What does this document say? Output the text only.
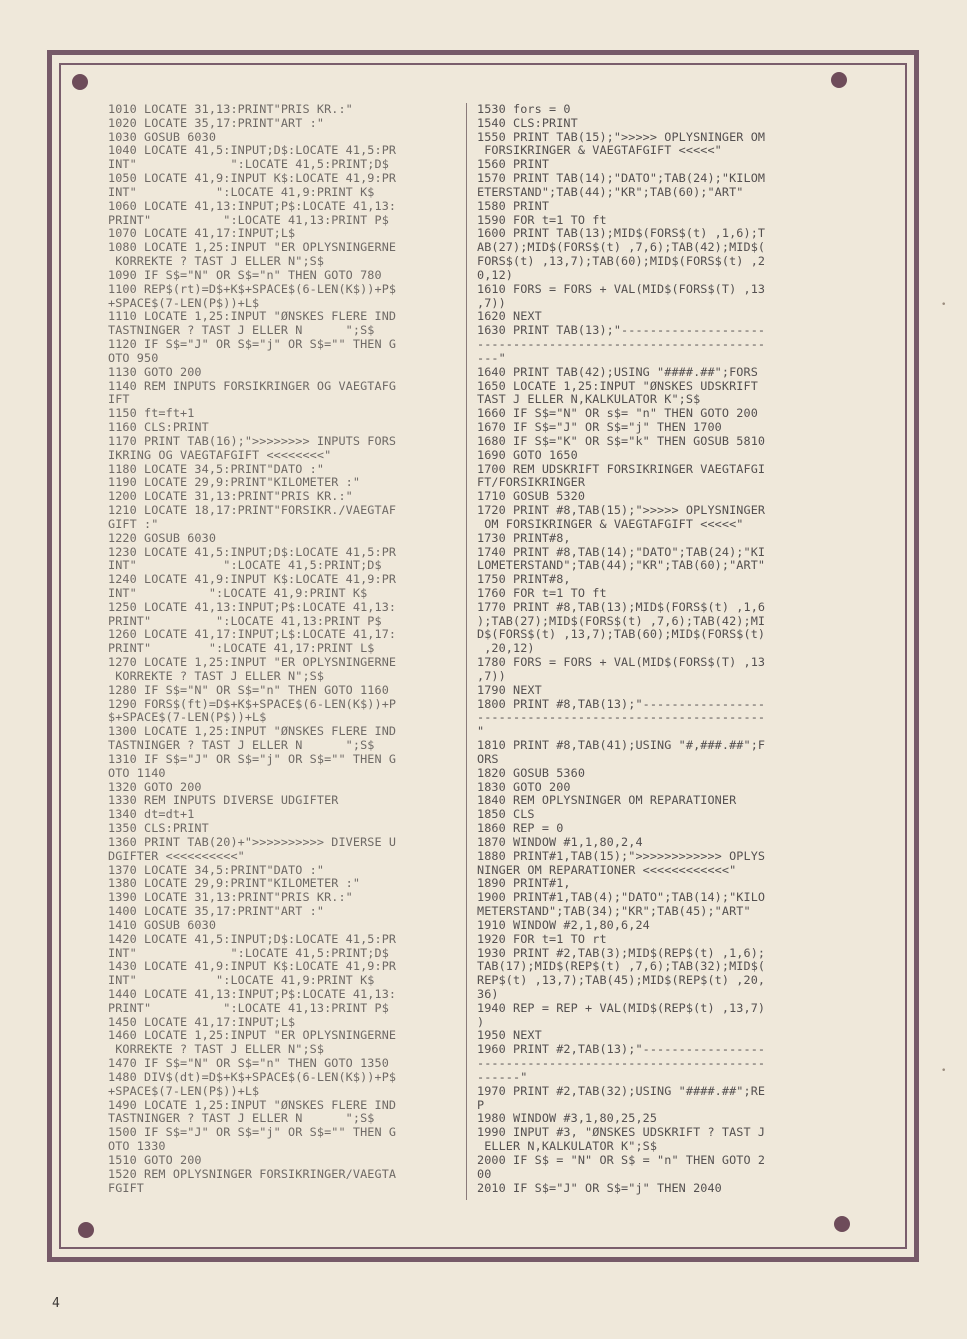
1010 LOCATE 31,13:PRINT"PRIS KR.:"
1020 LOCATE 35,17:PRINT"ART :"
1030 GOSUB 6030
1040 LOCATE 41,5:INPUT;D$:LOCATE 41,5:PR
INT"             ":LOCATE 41,5:PRINT;D$
1050 LOCATE 41,9:INPUT K$:LOCATE 41,9:PR
INT"           ":LOCATE 41,9:PRINT K$
1060 LOCATE 41,13:INPUT;P$:LOCATE 41,13:
PRINT"          ":LOCATE 41,13:PRINT P$
1070 LOCATE 41,17:INPUT;L$
1080 LOCATE 1,25:INPUT "ER OPLYSNINGERNE
KORREKTE ? TAST J ELLER N";S$
1090 IF S$="N" OR S$="n" THEN GOTO 780
1100 REP$(rt)=D$+K$+SPACE$(6-LEN(K$))+P$
+SPACE$(7-LEN(P$))+L$
1110 LOCATE 1,25:INPUT "ØNSKES FLERE IND
TASTNINGER ? TAST J ELLER N      ";S$
1120 IF S$="J" OR S$="j" OR S$="" THEN G
OTO 950
1130 GOTO 200
1140 REM INPUTS FORSIKRINGER OG VAEGTAFG
IFT
1150 ft=ft+1
1160 CLS:PRINT
1170 PRINT TAB(16);">>>>>>>> INPUTS FORS
IKRING OG VAEGTAFGIFT <<<<<<<<"
1180 LOCATE 34,5:PRINT"DATO :"
1190 LOCATE 29,9:PRINT"KILOMETER :"
1200 LOCATE 31,13:PRINT"PRIS KR.:"
1210 LOCATE 18,17:PRINT"FORSIKR./VAEGTAF
GIFT :"
1220 GOSUB 6030
1230 LOCATE 41,5:INPUT;D$:LOCATE 41,5:PR
INT"            ":LOCATE 41,5:PRINT;D$
1240 LOCATE 41,9:INPUT K$:LOCATE 41,9:PR
INT"          ":LOCATE 41,9:PRINT K$
1250 LOCATE 41,13:INPUT;P$:LOCATE 41,13:
PRINT"         ":LOCATE 41,13:PRINT P$
1260 LOCATE 41,17:INPUT;L$:LOCATE 41,17:
PRINT"        ":LOCATE 41,17:PRINT L$
1270 LOCATE 1,25:INPUT "ER OPLYSNINGERNE
KORREKTE ? TAST J ELLER N";S$
1280 IF S$="N" OR S$="n" THEN GOTO 1160
1290 FORS$(ft)=D$+K$+SPACE$(6-LEN(K$))+P
$+SPACE$(7-LEN(P$))+L$
1300 LOCATE 1,25:INPUT "ØNSKES FLERE IND
TASTNINGER ? TAST J ELLER N      ";S$
1310 IF S$="J" OR S$="j" OR S$="" THEN G
OTO 1140
1320 GOTO 200
1330 REM INPUTS DIVERSE UDGIFTER
1340 dt=dt+1
1350 CLS:PRINT
1360 PRINT TAB(20)+">>>>>>>>>> DIVERSE U
DGIFTER <<<<<<<<<<"
1370 LOCATE 34,5:PRINT"DATO :"
1380 LOCATE 29,9:PRINT"KILOMETER :"
1390 LOCATE 31,13:PRINT"PRIS KR.:"
1400 LOCATE 35,17:PRINT"ART :"
1410 GOSUB 6030
1420 LOCATE 41,5:INPUT;D$:LOCATE 41,5:PR
INT"             ":LOCATE 41,5:PRINT;D$
1430 LOCATE 41,9:INPUT K$:LOCATE 41,9:PR
INT"           ":LOCATE 41,9:PRINT K$
1440 LOCATE 41,13:INPUT;P$:LOCATE 41,13:
PRINT"          ":LOCATE 41,13:PRINT P$
1450 LOCATE 41,17:INPUT;L$
1460 LOCATE 1,25:INPUT "ER OPLYSNINGERNE
KORREKTE ? TAST J ELLER N";S$
1470 IF S$="N" OR S$="n" THEN GOTO 1350
1480 DIV$(dt)=D$+K$+SPACE$(6-LEN(K$))+P$
+SPACE$(7-LEN(P$))+L$
1490 LOCATE 1,25:INPUT "ØNSKES FLERE IND
TASTNINGER ? TAST J ELLER N      ";S$
1500 IF S$="J" OR S$="j" OR S$="" THEN G
OTO 1330
1510 GOTO 200
1520 REM OPLYSNINGER FORSIKRINGER/VAEGTA
FGIFT
1530 fors = 0
1540 CLS:PRINT
1550 PRINT TAB(15);">>>>> OPLYSNINGER OM
FORSIKRINGER & VAEGTAFGIFT <<<<<"
1560 PRINT
1570 PRINT TAB(14);"DATO";TAB(24);"KILOM
ETERSTAND";TAB(44);"KR";TAB(60);"ART"
1580 PRINT
1590 FOR t=1 TO ft
1600 PRINT TAB(13);MID$(FORS$(t) ,1,6);T
AB(27);MID$(FORS$(t) ,7,6);TAB(42);MID$(
FORS$(t) ,13,7);TAB(60);MID$(FORS$(t) ,2
0,12)
1610 FORS = FORS + VAL(MID$(FORS$(T) ,13
,7))
1620 NEXT
1630 PRINT TAB(13);"--------------------
----------------------------------------
---"
1640 PRINT TAB(42);USING "####.##";FORS
1650 LOCATE 1,25:INPUT "ØNSKES UDSKRIFT
TAST J ELLER N,KALKULATOR K";S$
1660 IF S$="N" OR s$= "n" THEN GOTO 200
1670 IF S$="J" OR S$="j" THEN 1700
1680 IF S$="K" OR S$="k" THEN GOSUB 5810
1690 GOTO 1650
1700 REM UDSKRIFT FORSIKRINGER VAEGTAFGI
FT/FORSIKRINGER
1710 GOSUB 5320
1720 PRINT #8,TAB(15);">>>>> OPLYSNINGER
OM FORSIKRINGER & VAEGTAFGIFT <<<<<"
1730 PRINT#8,
1740 PRINT #8,TAB(14);"DATO";TAB(24);"KI
LOMETERSTAND";TAB(44);"KR";TAB(60);"ART"
1750 PRINT#8,
1760 FOR t=1 TO ft
1770 PRINT #8,TAB(13);MID$(FORS$(t) ,1,6
);TAB(27);MID$(FORS$(t) ,7,6);TAB(42);MI
D$(FORS$(t) ,13,7);TAB(60);MID$(FORS$(t)
,20,12)
1780 FORS = FORS + VAL(MID$(FORS$(T) ,13
,7))
1790 NEXT
1800 PRINT #8,TAB(13);"-----------------
----------------------------------------
"
1810 PRINT #8,TAB(41);USING "#,###.##";F
ORS
1820 GOSUB 5360
1830 GOTO 200
1840 REM OPLYSNINGER OM REPARATIONER
1850 CLS
1860 REP = 0
1870 WINDOW #1,1,80,2,4
1880 PRINT#1,TAB(15);">>>>>>>>>>>> OPLYS
NINGER OM REPARATIONER <<<<<<<<<<<<"
1890 PRINT#1,
1900 PRINT#1,TAB(4);"DATO";TAB(14);"KILO
METERSTAND";TAB(34);"KR";TAB(45);"ART"
1910 WINDOW #2,1,80,6,24
1920 FOR t=1 TO rt
1930 PRINT #2,TAB(3);MID$(REP$(t) ,1,6);
TAB(17);MID$(REP$(t) ,7,6);TAB(32);MID$(
REP$(t) ,13,7);TAB(45);MID$(REP$(t) ,20,
36)
1940 REP = REP + VAL(MID$(REP$(t) ,13,7)
)
1950 NEXT
1960 PRINT #2,TAB(13);"-----------------
----------------------------------------
------"
1970 PRINT #2,TAB(32);USING "####.##";RE
P
1980 WINDOW #3,1,80,25,25
1990 INPUT #3, "ØNSKES UDSKRIFT ? TAST J
ELLER N,KALKULATOR K";S$
2000 IF S$ = "N" OR S$ = "n" THEN GOTO 2
00
2010 IF S$="J" OR S$="j" THEN 2040
•
•
4
